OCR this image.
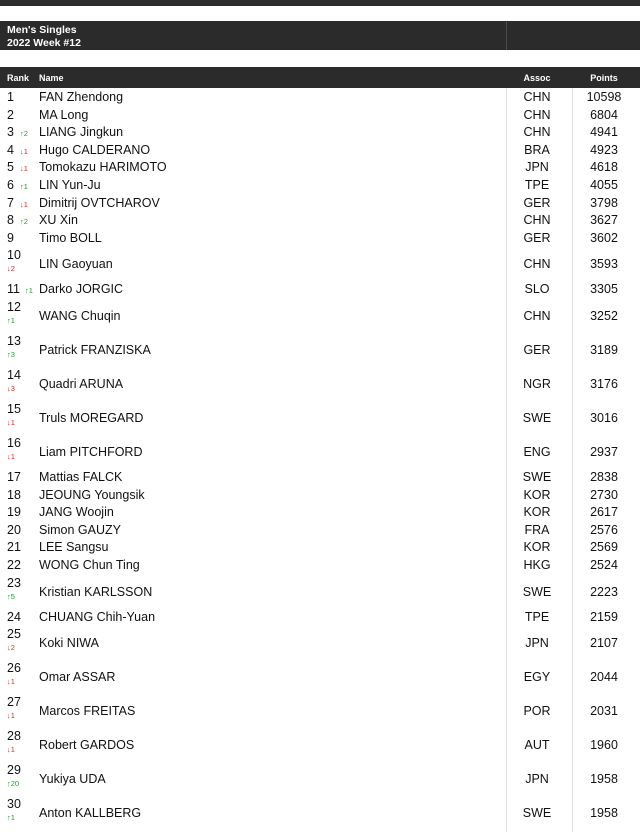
Men's Singles
2022 Week #12
Rank Name	Assoc	Points
1 FAN Zhendong	CHN	10598
2 MA Long	CHN	6804
3 ↑2 LIANG Jingkun	CHN	4941
4 ↓1 Hugo CALDERANO	BRA	4923
5 ↓1 Tomokazu HARIMOTO	JPN	4618
6 ↑1 LIN Yun-Ju	TPE	4055
7 ↓1 Dimitrij OVTCHAROV	GER	3798
8 ↑2 XU Xin	CHN	3627
9 Timo BOLL	GER	3602
10
↓2 LIN Gaoyuan	CHN	3593
11 ↑1 Darko JORGIC	SLO	3305
12
↑1 WANG Chuqin	CHN	3252
13
↑3 Patrick FRANZISKA	GER	3189
14
↓3 Quadri ARUNA	NGR	3176
15
↓1 Truls MOREGARD	SWE	3016
16
↓1 Liam PITCHFORD	ENG	2937
17 Mattias FALCK	SWE	2838
18 JEOUNG Youngsik	KOR	2730
19 JANG Woojin	KOR	2617
20 Simon GAUZY	FRA	2576
21 LEE Sangsu	KOR	2569
22 WONG Chun Ting	HKG	2524
23
↑5 Kristian KARLSSON	SWE	2223
24 CHUANG Chih-Yuan	TPE	2159
25
↓2 Koki NIWA	JPN	2107
26
↓1 Omar ASSAR	EGY	2044
27
↓1 Marcos FREITAS	POR	2031
28
↓1 Robert GARDOS	AUT	1960
29
↑20 Yukiya UDA	JPN	1958
30
↑1 Anton KALLBERG	SWE	1958
